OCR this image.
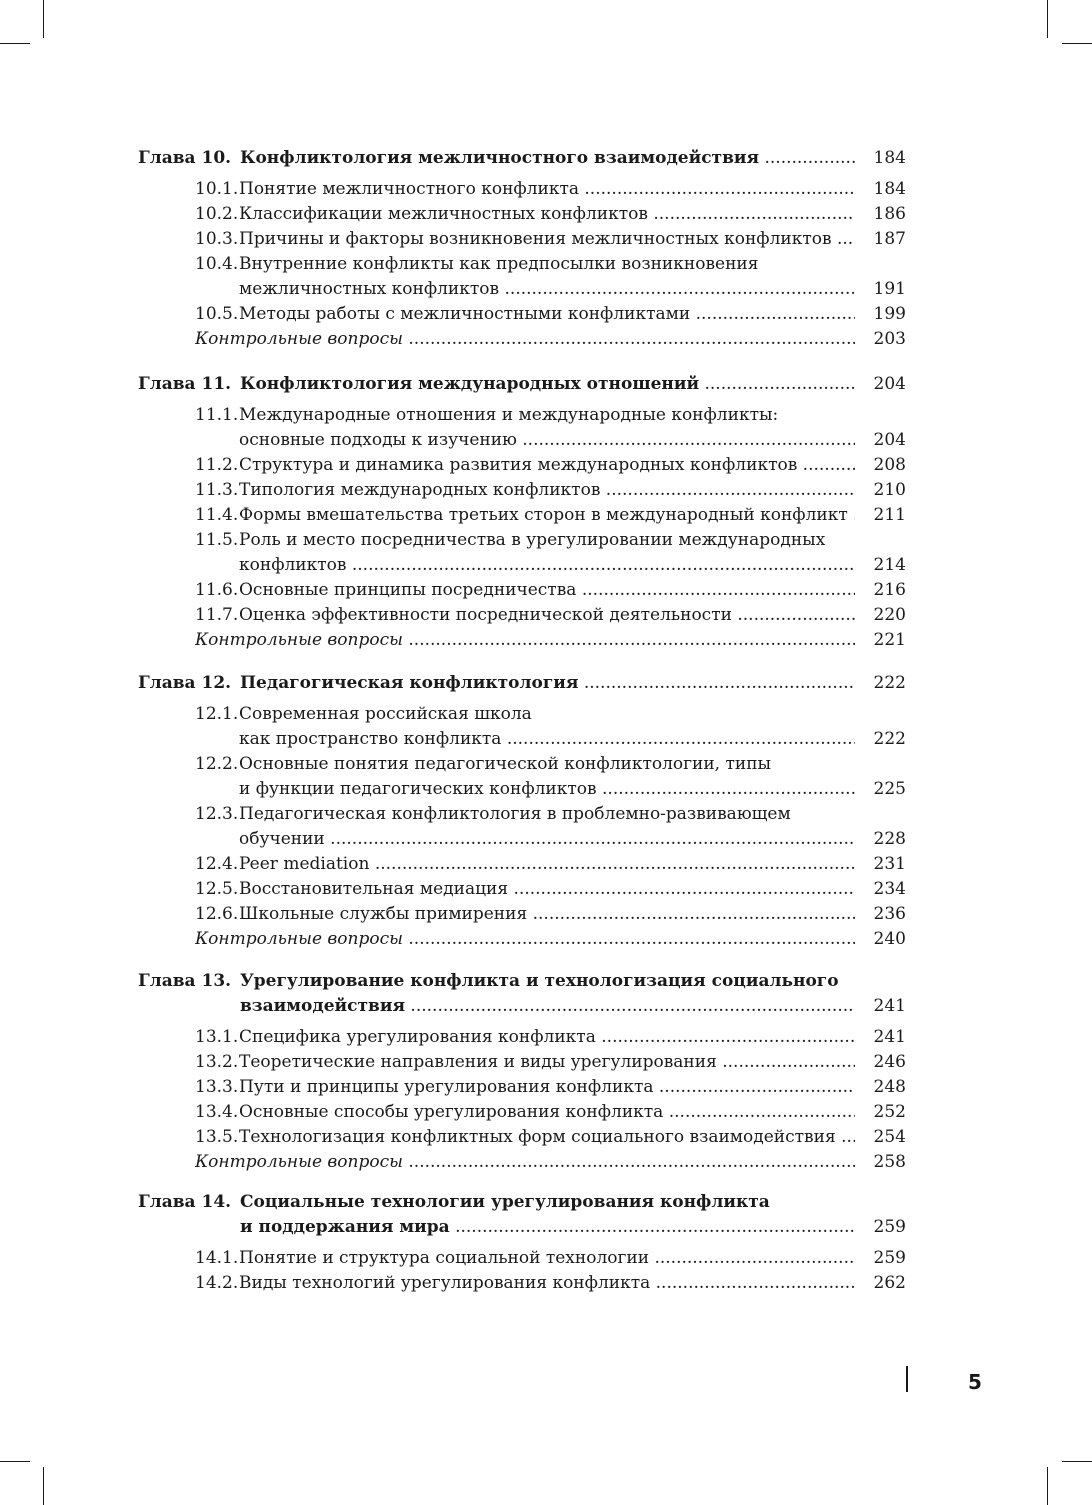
Глава 10. Конфликтология межличностного взаимодействия .....	184
10.1. Понятие межличностного конфликта .....	184
10.2. Классификации межличностных конфликтов .....	186
10.3. Причины и факторы возникновения межличностных конфликтов .....	187
10.4. Внутренние конфликты как предпосылки возникновения
межличностных конфликтов .....	191
10.5. Методы работы с межличностными конфликтами .....	199
Контрольные вопросы .....	203
Глава 11. Конфликтология международных отношений .....	204
11.1. Международные отношения и международные конфликты:
основные подходы к изучению .....	204
11.2. Структура и динамика развития международных конфликтов .....	208
11.3. Типология международных конфликтов .....	210
11.4. Формы вмешательства третьих сторон в международный конфликт .....	211
11.5. Роль и место посредничества в урегулировании международных
конфликтов .....	214
11.6. Основные принципы посредничества .....	216
11.7. Оценка эффективности посреднической деятельности .....	220
Контрольные вопросы .....	221
Глава 12. Педагогическая конфликтология .....	222
12.1. Современная российская школа
как пространство конфликта .....	222
12.2. Основные понятия педагогической конфликтологии, типы
и функции педагогических конфликтов .....	225
12.3. Педагогическая конфликтология в проблемно-развивающем
обучении .....	228
12.4. Peer mediation .....	231
12.5. Восстановительная медиация .....	234
12.6. Школьные службы примирения .....	236
Контрольные вопросы .....	240
Глава 13. Урегулирование конфликта и технологизация социального
взаимодействия .....	241
13.1. Специфика урегулирования конфликта .....	241
13.2. Теоретические направления и виды урегулирования .....	246
13.3. Пути и принципы урегулирования конфликта .....	248
13.4. Основные способы урегулирования конфликта .....	252
13.5. Технологизация конфликтных форм социального взаимодействия .....	254
Контрольные вопросы .....	258
Глава 14. Социальные технологии урегулирования конфликта
и поддержания мира .....	259
14.1. Понятие и структура социальной технологии .....	259
14.2. Виды технологий урегулирования конфликта .....	262
5
